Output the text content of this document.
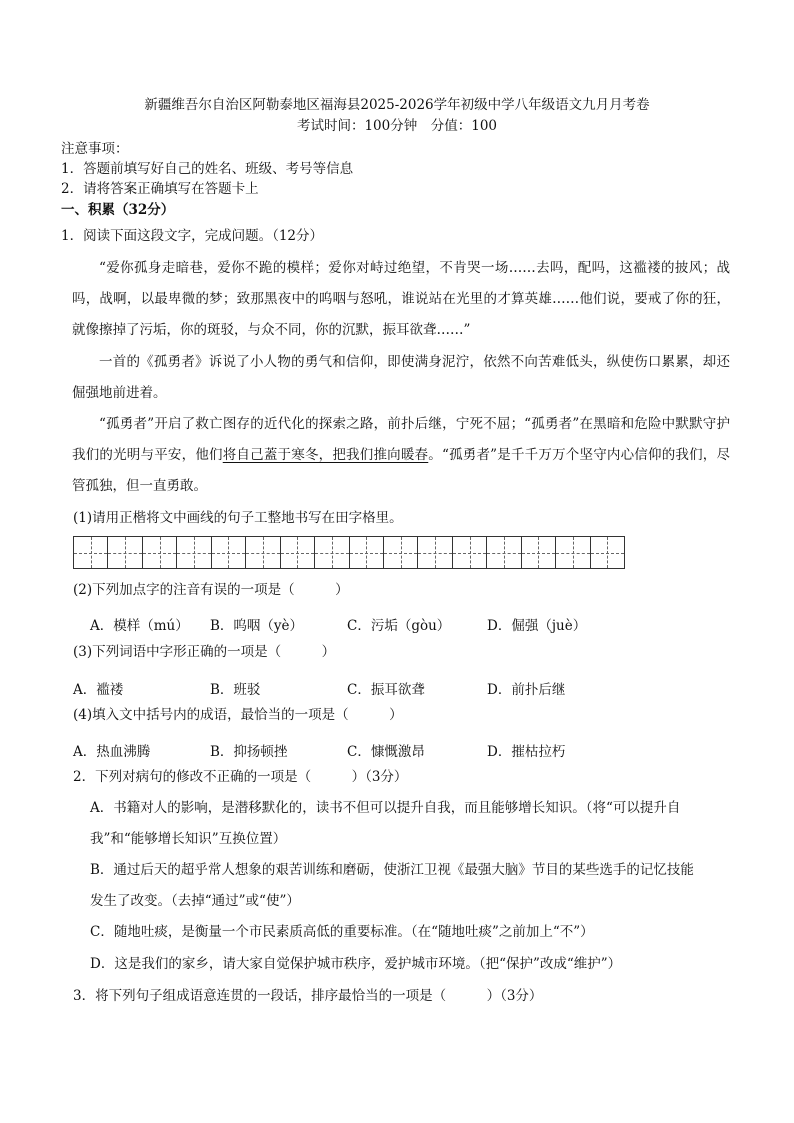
新疆维吾尔自治区阿勒泰地区福海县2025-2026学年初级中学八年级语文九月月考卷
考试时间：100分钟　分值：100
注意事项：
1．答题前填写好自己的姓名、班级、考号等信息
2．请将答案正确填写在答题卡上
一、积累（32分）
1．阅读下面这段文字，完成问题。（12分）
“爱你孤身走暗巷，爱你不跪的模样；爱你对峙过绝望，不肯哭一场……去吗，配吗，这褴褛的披风；战吗，战啊，以最卑微的梦；致那黑夜中的呜咽与怒吼，谁说站在光里的才算英雄……他们说，要戒了你的狂，就像擦掉了污垢，你的斑驳，与众不同，你的沉默，振耳欲聋……”
一首的《孤勇者》诉说了小人物的勇气和信仰，即使满身泥泞，依然不向苦难低头，纵使伤口累累，却还倔强地前进着。
“孤勇者”开启了救亡图存的近代化的探索之路，前扑后继，宁死不屈；“孤勇者”在黑暗和危险中默默守护我们的光明与平安，他们将自己蓋于寒冬，把我们推向暖春。“孤勇者”是千千万万个坚守内心信仰的我们，尽管孤独，但一直勇敢。
(1)请用正楷将文中画线的句子工整地书写在田字格里。
(2)下列加点字的注音有误的一项是（　　　）
A．模样（mú） B．呜咽（yè）	C．污垢（gòu）	D．倔强（juè）
(3)下列词语中字形正确的一项是（　　　）
A．褴褛	B．班驳	C．振耳欲聋	D．前扑后继
(4)填入文中括号内的成语，最恰当的一项是（　　　）
A．热血沸腾	B．抑扬顿挫	C．慷慨激昂	D．摧枯拉朽
2．下列对病句的修改不正确的一项是（　　　）（3分）
A．书籍对人的影响，是潜移默化的，读书不但可以提升自我，而且能够增长知识。（将“可以提升自
我”和“能够增长知识”互换位置）
B．通过后天的超乎常人想象的艰苦训练和磨砺，使浙江卫视《最强大脑》节目的某些选手的记忆技能
发生了改变。（去掉“通过”或“使”）
C．随地吐痰，是衡量一个市民素质高低的重要标准。（在“随地吐痰”之前加上“不”）
D．这是我们的家乡，请大家自觉保护城市秩序，爱护城市环境。（把“保护”改成“维护”）
3．将下列句子组成语意连贯的一段话，排序最恰当的一项是（　　　）（3分）
